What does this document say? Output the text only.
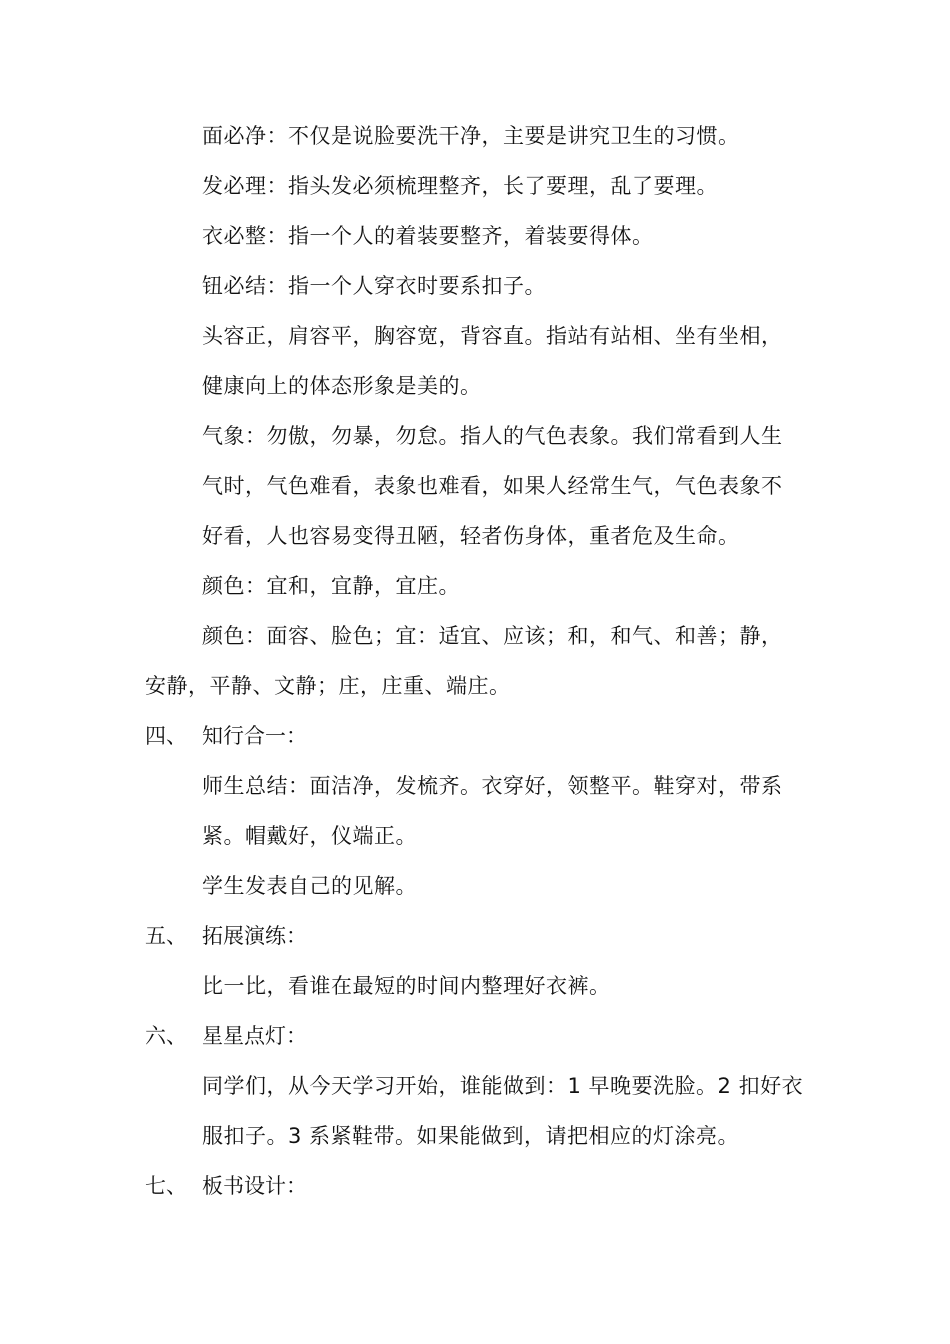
面必净：不仅是说脸要洗干净，主要是讲究卫生的习惯。
发必理：指头发必须梳理整齐，长了要理，乱了要理。
衣必整：指一个人的着装要整齐，着装要得体。
钮必结：指一个人穿衣时要系扣子。
头容正，肩容平，胸容宽，背容直。指站有站相、坐有坐相，
健康向上的体态形象是美的。
气象：勿傲，勿暴，勿怠。指人的气色表象。我们常看到人生
气时，气色难看，表象也难看，如果人经常生气，气色表象不
好看，人也容易变得丑陋，轻者伤身体，重者危及生命。
颜色：宜和，宜静，宜庄。
颜色：面容、脸色；宜：适宜、应该；和，和气、和善；静，
安静，平静、文静；庄，庄重、端庄。
四、 知行合一：
师生总结：面洁净，发梳齐。衣穿好，领整平。鞋穿对，带系
紧。帽戴好，仪端正。
学生发表自己的见解。
五、 拓展演练：
比一比，看谁在最短的时间内整理好衣裤。
六、 星星点灯：
同学们，从今天学习开始，谁能做到：1 早晚要洗脸。2 扣好衣
服扣子。3 系紧鞋带。如果能做到，请把相应的灯涂亮。
七、 板书设计：
